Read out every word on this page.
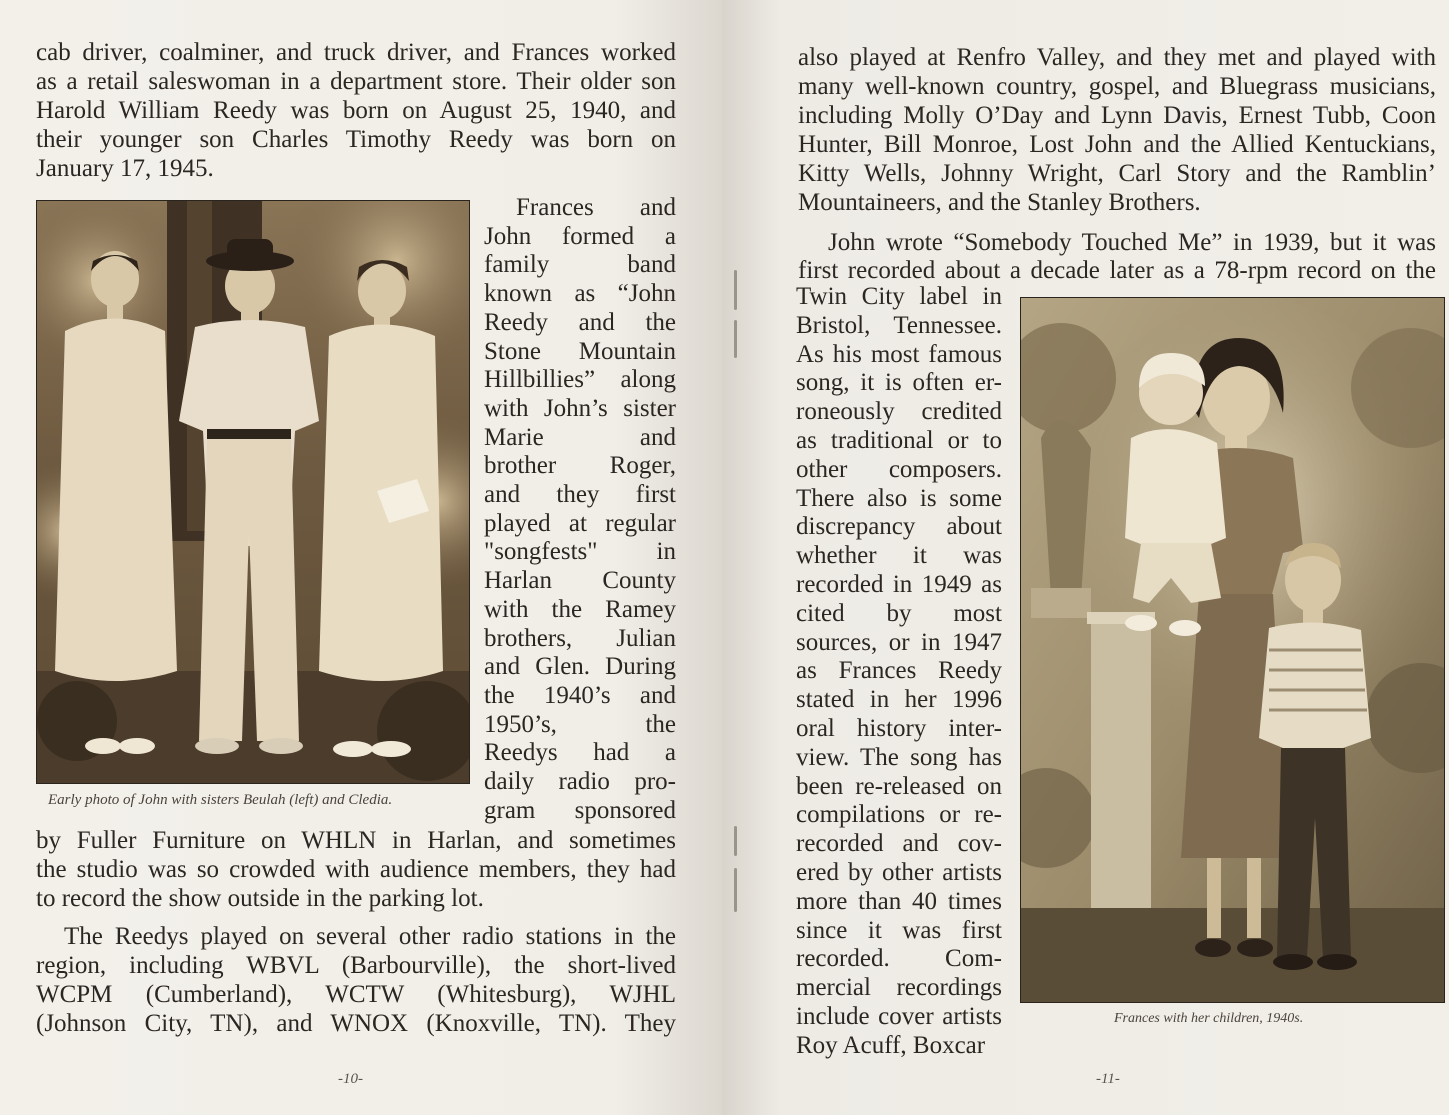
cab driver, coalminer, and truck driver, and Frances worked
as a retail saleswoman in a department store. Their older son
Harold William Reedy was born on August 25, 1940, and
their younger son Charles Timothy Reedy was born on
January 17, 1945.
Frances and
John formed a
family band
known as “John
Reedy and the
Stone Mountain
Hillbillies” along
with John’s sister
Marie and
brother Roger,
and they first
played at regular
"songfests" in
Harlan County
with the Ramey
brothers, Julian
and Glen. During
the 1940’s and
1950’s, the
Reedys had a
daily radio pro-
gram sponsored
by Fuller Furniture on WHLN in Harlan, and sometimes
the studio was so crowded with audience members, they had
to record the show outside in the parking lot.
The Reedys played on several other radio stations in the
region, including WBVL (Barbourville), the short-lived
WCPM (Cumberland), WCTW (Whitesburg), WJHL
(Johnson City, TN), and WNOX (Knoxville, TN). They
Early photo of John with sisters Beulah (left) and Cledia.
-10-
also played at Renfro Valley, and they met and played with
many well-known country, gospel, and Bluegrass musicians,
including Molly O’Day and Lynn Davis, Ernest Tubb, Coon
Hunter, Bill Monroe, Lost John and the Allied Kentuckians,
Kitty Wells, Johnny Wright, Carl Story and the Ramblin’
Mountaineers, and the Stanley Brothers.
John wrote “Somebody Touched Me” in 1939, but it was
first recorded about a decade later as a 78-rpm record on the
Twin City label in
Bristol, Tennessee.
As his most famous
song, it is often er-
roneously credited
as traditional or to
other composers.
There also is some
discrepancy about
whether it was
recorded in 1949 as
cited by most
sources, or in 1947
as Frances Reedy
stated in her 1996
oral history inter-
view. The song has
been re-released on
compilations or re-
recorded and cov-
ered by other artists
more than 40 times
since it was first
recorded. Com-
mercial recordings
include cover artists
Roy Acuff, Boxcar
Frances with her children, 1940s.
-11-
